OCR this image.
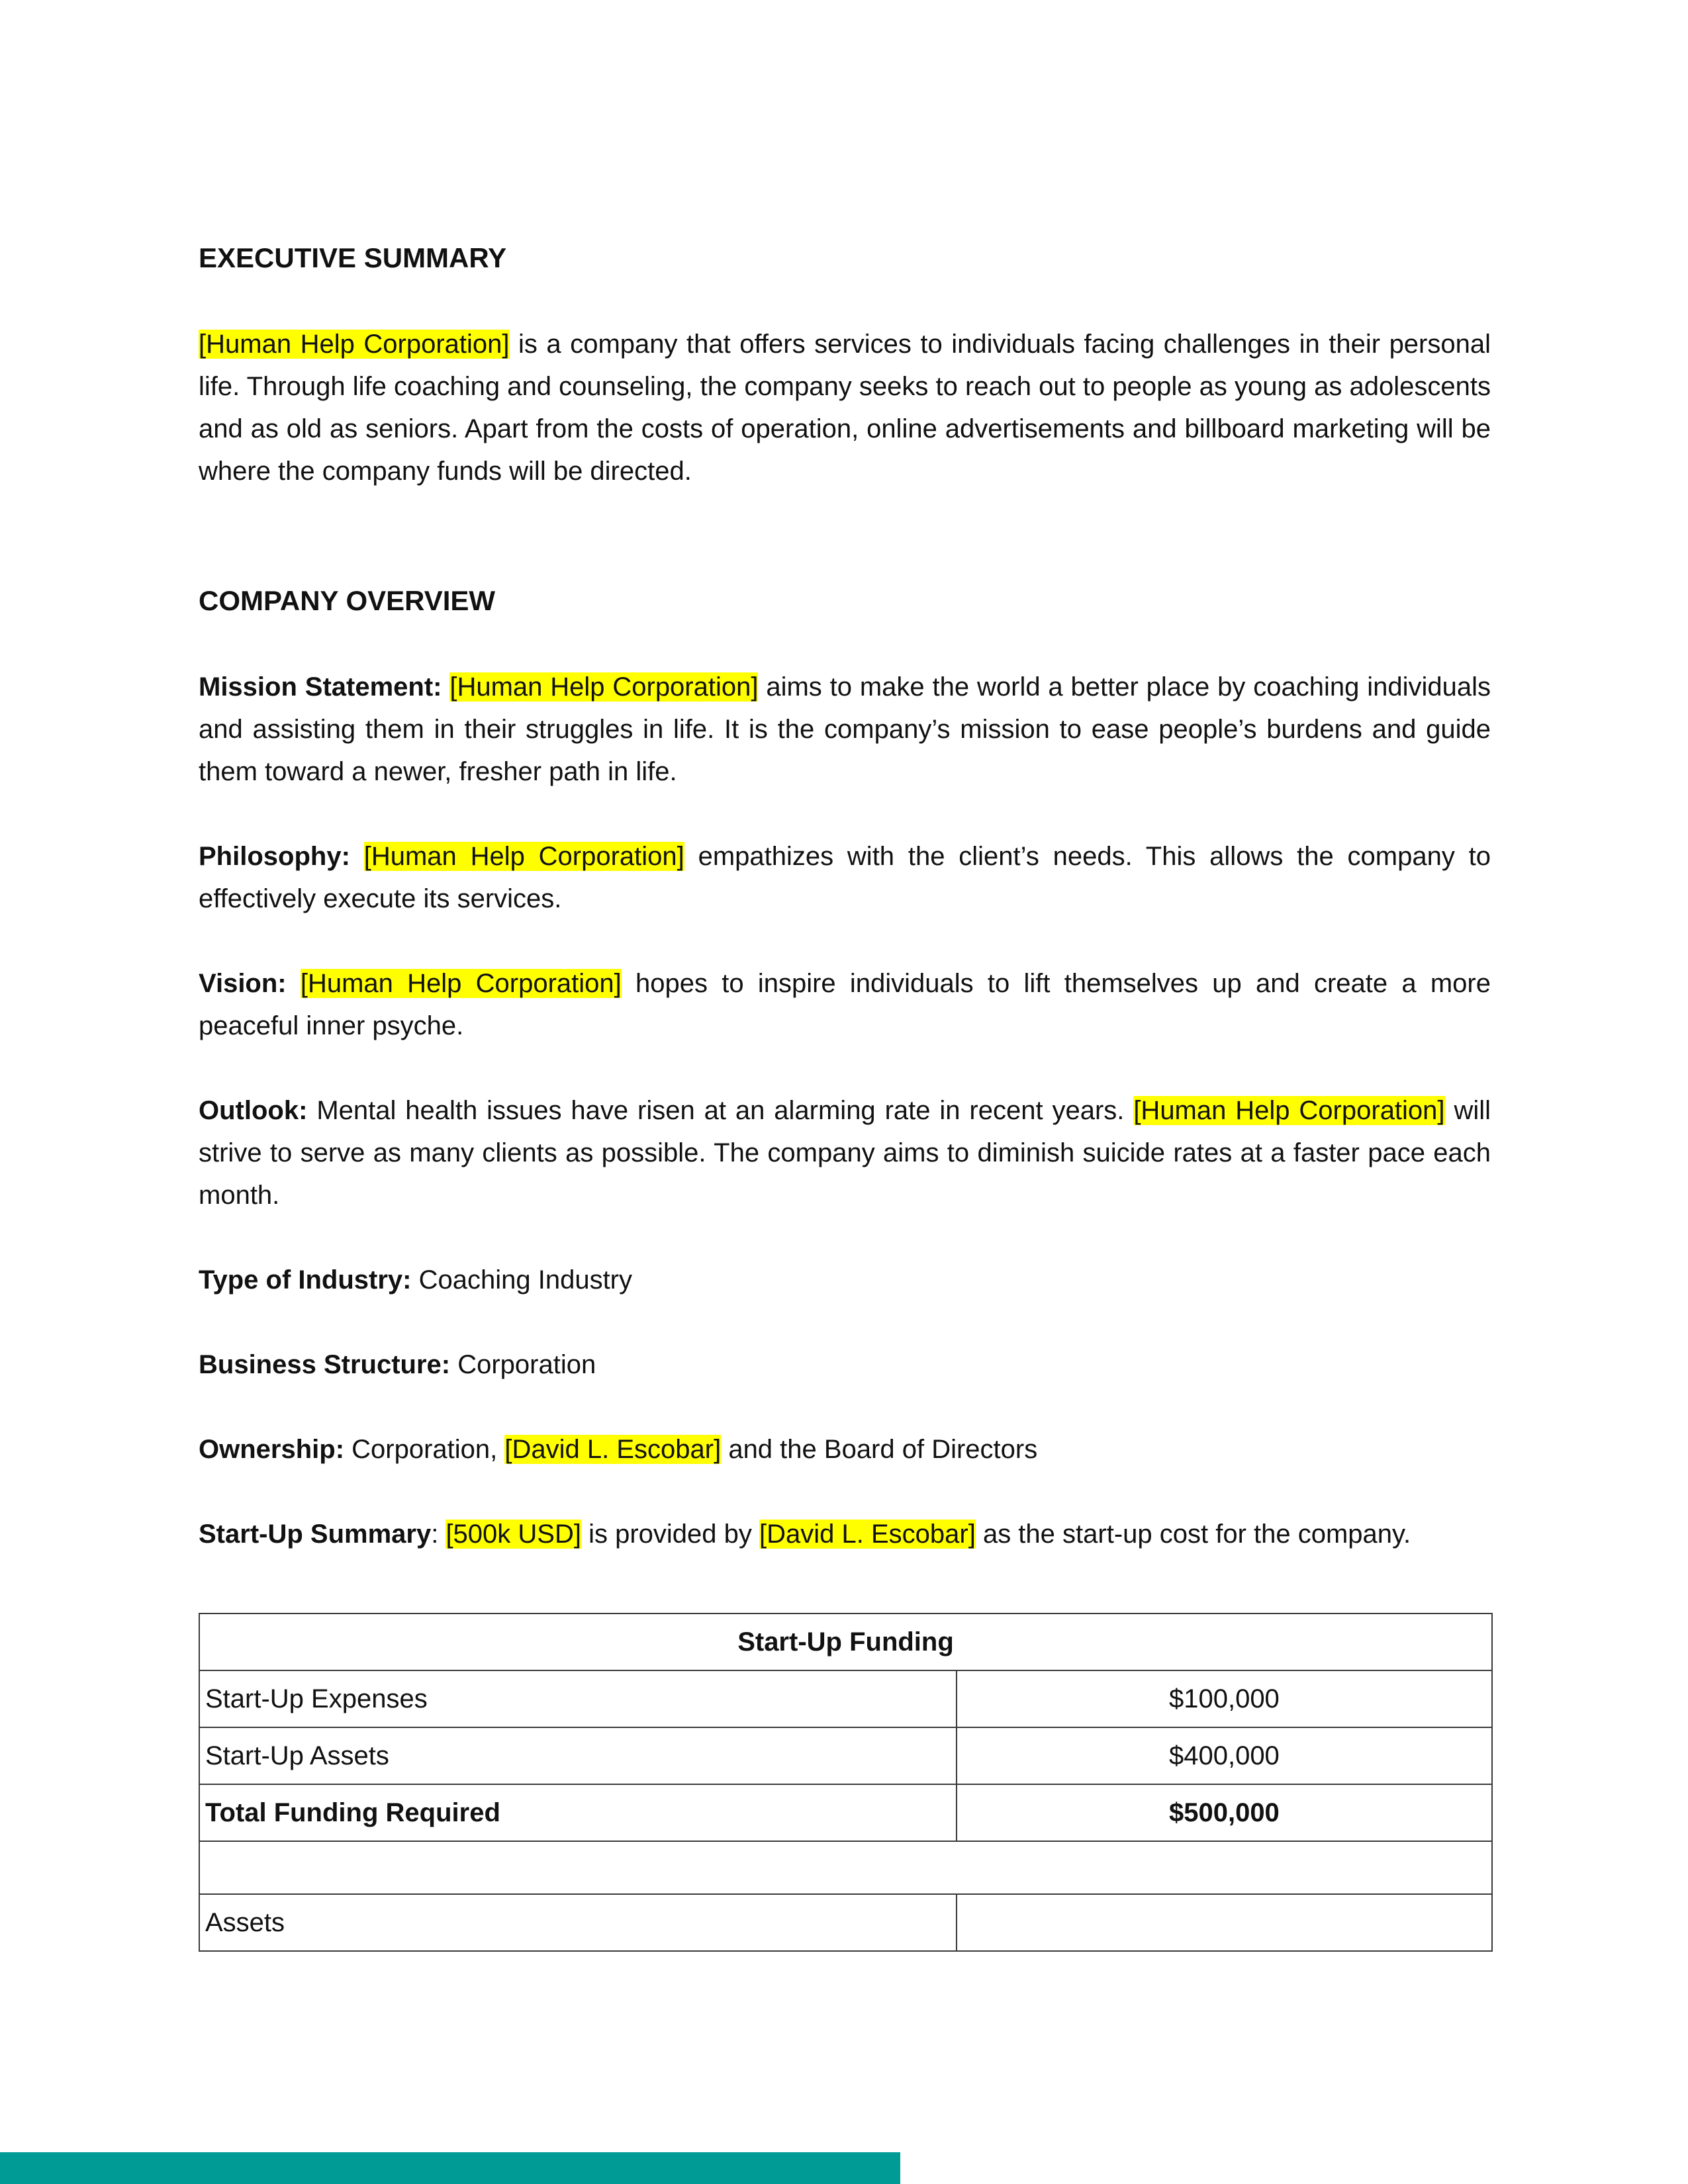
EXECUTIVE SUMMARY

[Human Help Corporation] is a company that offers services to individuals facing challenges in their personal life. Through life coaching and counseling, the company seeks to reach out to people as young as adolescents and as old as seniors. Apart from the costs of operation, online advertisements and billboard marketing will be where the company funds will be directed.

COMPANY OVERVIEW

Mission Statement: [Human Help Corporation] aims to make the world a better place by coaching individuals and assisting them in their struggles in life. It is the company’s mission to ease people’s burdens and guide them toward a newer, fresher path in life.

Philosophy: [Human Help Corporation] empathizes with the client’s needs. This allows the company to effectively execute its services.

Vision: [Human Help Corporation] hopes to inspire individuals to lift themselves up and create a more peaceful inner psyche.

Outlook: Mental health issues have risen at an alarming rate in recent years. [Human Help Corporation] will strive to serve as many clients as possible. The company aims to diminish suicide rates at a faster pace each month.

Type of Industry: Coaching Industry

Business Structure: Corporation

Ownership: Corporation, [David L. Escobar] and the Board of Directors

Start-Up Summary: [500k USD] is provided by [David L. Escobar] as the start-up cost for the company.

Start-Up Funding	
Start-Up Expenses	$100,000
Start-Up Assets	$400,000
Total Funding Required	$500,000

Assets	
